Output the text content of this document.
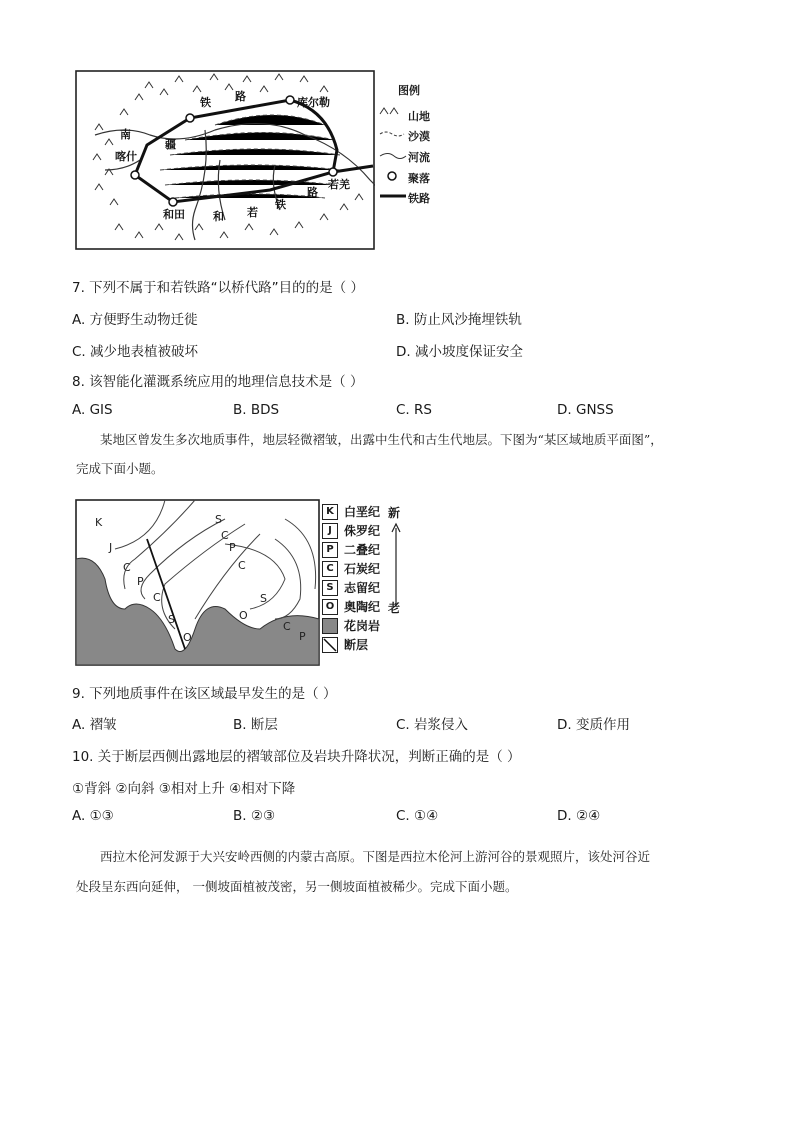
铁 路	库尔勒
疆
南
喀什
若羌
路
和田	和 若
铁
图例
山地
沙漠
河流
聚落
铁路
7. 下列不属于和若铁路“以桥代路”目的的是（ ）
A. 方便野生动物迁徙	B. 防止风沙掩埋铁轨
C. 减少地表植被破坏	D. 减小坡度保证安全
8. 该智能化灌溉系统应用的地理信息技术是（ ）
A. GIS	B. BDS	C. RS	D. GNSS
某地区曾发生多次地质事件，地层轻微褶皱，出露中生代和古生代地层。下图为“某区域地质平面图”，
完成下面小题。
K	S
C
J	P
C	C
P
C	S
S	O
O
C
P
K 白垩纪
J	侏罗纪
P 二叠纪
C 石炭纪
S 志留纪
O 奥陶纪
花岗岩
断层
新
老
9. 下列地质事件在该区域最早发生的是（ ）
A. 褶皱	B. 断层	C. 岩浆侵入	D. 变质作用
10. 关于断层西侧出露地层的褶皱部位及岩块升降状况，判断正确的是（ ）
①背斜 ②向斜 ③相对上升 ④相对下降
A. ①③	B. ②③	C. ①④	D. ②④
西拉木伦河发源于大兴安岭西侧的内蒙古高原。下图是西拉木伦河上游河谷的景观照片，该处河谷近
处段呈东西向延伸， 一侧坡面植被茂密，另一侧坡面植被稀少。完成下面小题。
